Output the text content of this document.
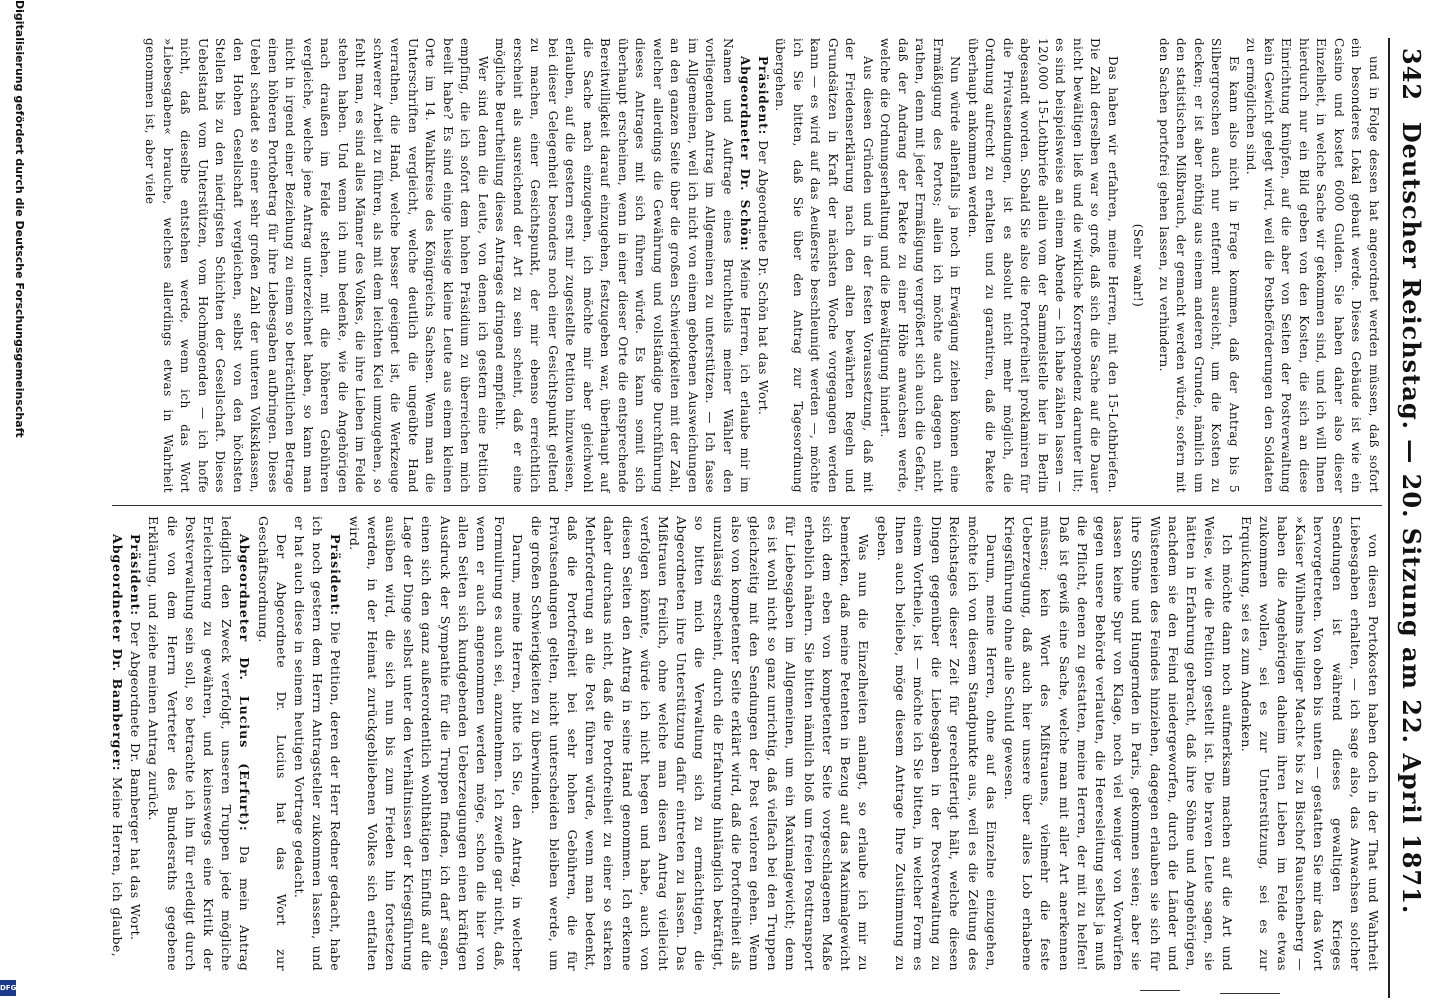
342
Deutscher Reichstag. — 20. Sitzung am 22. April 1871.

und in Folge dessen hat angeordnet werden müssen, daß sofort ein besonderes Lokal gebaut werde. Dieses Gebäude ist wie ein Casino und kostet 6000 Gulden. Sie haben daher also dieser Einzelheit, in welche Sache wir gekommen sind, und ich will Ihnen hierdurch nur ein Bild geben von den Kosten, die sich an diese Einrichtung knüpfen, auf die aber von Seiten der Postverwaltung kein Gewicht gelegt wird, weil die Postbeförderungen den Soldaten zu ermöglichen sind.

Es kann also nicht in Frage kommen, daß der Antrag bis 5 Silbergroschen auch nur entfernt ausreicht, um die Kosten zu decken; er ist aber nöthig aus einem anderen Grunde, nämlich um den statistischen Mißbrauch, der gemacht werden würde, sofern mit den Sachen portofrei gehen lassen, zu verhindern.

(Sehr wahr!)

Das haben wir erfahren, meine Herren, mit den 15-Lothbriefen. Die Zahl derselben war so groß, daß sich die Sache auf die Dauer nicht bewältigen ließ und die wirkliche Korrespondenz darunter litt; es sind beispielsweise an einem Abende — ich habe zählen lassen — 120,000 15-Lothbriefe allein vom der Sammelstelle hier in Berlin abgesandt worden. Sobald Sie also die Portofreiheit proklamiren für die Privatsendungen, ist es absolut nicht mehr möglich, die Ordnung aufrecht zu erhalten und zu garantiren, daß die Pakete überhaupt ankommen werden.

Nun würde allenfalls ja noch in Erwägung ziehen können eine Ermäßigung des Portos; allein ich möchte auch dagegen nicht rathen, denn mit jeder Ermäßigung vergrößert sich auch die Gefahr, daß der Andrang der Pakete zu einer Höhe anwachsen werde, welche die Ordnungserhaltung und die Bewältigung hindert.

Aus diesen Gründen und in der festen Voraussetzung, daß mit der Friedenserklärung nach den alten bewährten Regeln und Grundsätzen in Kraft der nächsten Woche vorgegangen werden kann — es wird auf das Aeußerste beschleunigt werden —, möchte ich Sie bitten, daß Sie über den Antrag zur Tagesordnung übergehen.

Präsident: Der Abgeordnete Dr. Schön hat das Wort.

Abgeordneter Dr. Schön: Meine Herren, ich erlaube mir im Namen und Auftrage eines Bruchtheils meiner Wähler den vorliegenden Antrag im Allgemeinen zu unterstützen. — Ich fasse im Allgemeinen, weil ich nicht von einem gebotenen Ausweichungen an den ganzen Seite über die großen Schwierigkeiten mit der Zahl, welcher allerdings die Gewährung und vollständige Durchführung dieses Antrages mit sich führen würde. Es kann somit sich überhaupt erscheinen, wenn in einer dieser Orte die entsprechende Bereitwilligkeit darauf einzugehen, festzugeben war, überhaupt auf die Sache nach einzugehen, ich möchte mir aber gleichwohl erlauben, auf die gestern erst mir zugestellte Petition hinzuweisen, bei dieser Gelegenheit besonders noch einer Gesichtspunkt geltend zu machen, einer Gesichtspunkt, der mir ebenso erreichtlich erscheint als ausreichend der Art zu sein scheint, daß er eine mögliche Beurtheilung dieses Antrages dringend empfiehlt.

Wer sind denn die Leute, von denen ich gestern eine Petition empfing, die ich sofort dem hohen Präsidium zu überreichen mich beeilt habe? Es sind einige hiesige kleine Leute aus einem kleinen Orte im 14. Wahlkreise des Königreichs Sachsen. Wenn man die Unterschriften vergleicht, welche deutlich die ungeübte Hand verrathen, die Hand, welche besser geeignet ist, die Werkzeuge schwerer Arbeit zu führen, als mit dem leichten Kiel umzugehen, so fehlt man, es sind alles Männer des Volkes, die ihre Lieben im Felde stehen haben. Und wenn ich nun bedenke, wie die Angehörigen nach draußen im Felde stehen, mit die höheren Gebühren vergleiche, welche jene Antrag unterzeichnet haben, so kann man nicht in irgend einer Beziehung zu einem so beträchtlichen Betrage einen höheren Portobetrag für ihre Liebesgaben aufbringen. Dieses Uebel schadet so einer sehr großen Zahl der unteren Volksklassen, den Hohen Gesellschaft vergleichen, selbst von den höchsten Stellen bis zu den niedrigsten Schichten der Gesellschaft. Dieses Uebelstand vom Unterstützen, vom Hochmögenden — ich hoffe nicht, daß dieselbe entstehen werde, wenn ich das Wort »Liebesgaben« brauche, welches allerdings etwas in Wahrheit genommen ist, aber viele

von diesen Portokosten haben doch in der That und Wahrheit Liebesgaben erhalten, — ich sage also, das Anwachsen solcher Sendungen ist während dieses gewaltigen Krieges hervorgetreten. Von oben bis unten — gestatten Sie mir das Wort »Kaiser Wilhelms heiliger Macht« bis zu Bischof Rauschenberg — haben die Angehörigen daheim ihren Lieben im Felde etwas zukommen wollen, sei es zur Unterstützung, sei es zur Erquickung, sei es zum Andenken.

Ich möchte dann noch aufmerksam machen auf die Art und Weise, wie die Petition gestellt ist. Die braven Leute sagen, sie hätten in Erfahrung gebracht, daß ihre Söhne und Angehörigen, nachdem sie den Feind niedergeworfen, durch die Länder und Wüsteneien des Feindes hinziehen, dagegen erlauben sie sich für ihre Söhne und Hungernden in Paris, gekommen seien; aber sie lassen keine Spur von Klage, noch viel weniger von Vorwürfen gegen unsere Behörde verlauten, die Heeresleitung selbst ja muß die Pflicht, denen zu gestatten, meine Herren, der mit zu helfen! Daß ist gewiß eine Sache, welche man mit aller Art anerkennen müssen; kein Wort des Mißtrauens, vielmehr die feste Ueberzeugung, daß auch hier unsere über alles Lob erhabene Kriegsführung ohne alle Schuld gewesen.

Darum, meine Herren, ohne auf das Einzelne einzugehen, möchte ich von diesem Standpunkte aus, weil es die Zeitung des Reichstages dieser Zeit für gerechtfertigt hält, welche diesen Dingen gegenüber die Liebesgaben in der Postverwaltung zu einem Vortheile, ist — möchte ich Sie bitten, in welcher Form es Ihnen auch beliebe, möge diesem Antrage Ihre Zustimmung zu geben.

Was nun die Einzelheiten anlangt, so erlaube ich mir zu bemerken, daß meine Petenten in Bezug auf das Maximalgewicht sich dem eben von kompetenter Seite vorgeschlagenen Maße erheblich nähern. Sie bitten nämlich bloß um freien Posttransport für Liebesgaben im Allgemeinen, um ein Maximalgewicht; denn es ist wohl nicht so ganz unrichtig, daß vielfach bei den Truppen gleichzeitig mit den Sendungen der Post verloren gehen. Wenn also von kompetenter Seite erklärt wird, daß die Portofreiheit als unzulässig erscheint, durch die Erfahrung hinlänglich bekräftigt, so bitten mich die Verwaltung sich zu ermächtigen, die Abgeordneten ihre Unterstützung dafür eintreten zu lassen. Das Mißtrauen freilich, ohne welche man diesen Antrag vielleicht verfolgen könnte, würde ich nicht hegen und habe, auch von diesen Seiten den Antrag in seine Hand genommen. Ich erkenne daher durchaus nicht, daß die Portofreiheit zu einer so starken Mehrforderung an die Post führen würde, wenn man bedenkt, daß die Portofreiheit bei sehr hohen Gebühren, die für Privatsendungen gelten, nicht unterscheiden bleiben werde, um die großen Schwierigkeiten zu überwinden.

Darum, meine Herren, bitte ich Sie, den Antrag, in welcher Formulirung es auch sei, anzunehmen. Ich zweifle gar nicht, daß, wenn er auch angenommen werden möge, schon die hier von allen Seiten sich kundgebenden Ueberzeugungen einen kräftigen Ausdruck der Sympathie für die Truppen finden, ich darf sagen, einen sich den ganz außerordentlich wohlthätigen Einfluß auf die Lage der Dinge selbst unter den Verhältnissen der Kriegsführung ausüben wird, die sich nun bis zum Frieden hin fortsetzen werden, in der Heimat zurückgebliebenen Volkes sich entfalten wird.

Präsident: Die Petition, deren der Herr Redner gedacht, habe ich noch gestern dem Herrn Antragsteller zukommen lassen, und er hat auch diese in seinem heutigen Vortrage gedacht.

Der Abgeordnete Dr. Lucius hat das Wort zur Geschäftsordnung.

Abgeordneter Dr. Lucius (Erfurt): Da mein Antrag lediglich den Zweck verfolgt, unseren Truppen jede mögliche Erleichterung zu gewähren, und keineswegs eine Kritik der Postverwaltung sein soll, so betrachte ich ihn für erledigt durch die von dem Herrn Vertreter des Bundesraths gegebene Erklärung, und ziehe meinen Antrag zurück.

Präsident: Der Abgeordnete Dr. Bamberger hat das Wort.

Abgeordneter Dr. Bamberger: Meine Herren, ich glaube,

Digitalisierung gefördert durch die Deutsche Forschungsgemeinschaft
DFG
